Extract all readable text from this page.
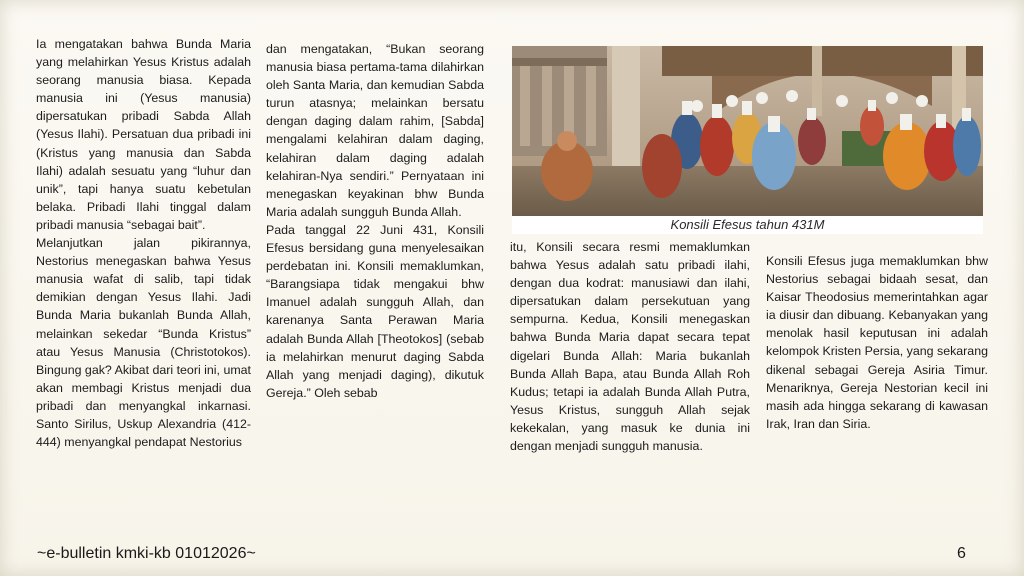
Ia mengatakan bahwa Bunda Maria yang melahirkan Yesus Kristus adalah seorang manusia biasa. Kepada manusia ini (Yesus manusia) dipersatukan pribadi Sabda Allah (Yesus Ilahi). Persatuan dua pribadi ini (Kristus yang manusia dan Sabda Ilahi) adalah sesuatu yang “luhur dan unik”, tapi hanya suatu kebetulan belaka. Pribadi Ilahi tinggal dalam pribadi manusia “sebagai bait”.

Melanjutkan jalan pikirannya, Nestorius menegaskan bahwa Yesus manusia wafat di salib, tapi tidak demikian dengan Yesus Ilahi. Jadi Bunda Maria bukanlah Bunda Allah, melainkan sekedar “Bunda Kristus” atau Yesus Manusia (Christotokos). Bingung gak? Akibat dari teori ini, umat akan membagi Kristus menjadi dua pribadi dan menyangkal inkarnasi. Santo Sirilus, Uskup Alexandria (412-444) menyangkal pendapat Nestorius

dan mengatakan, “Bukan seorang manusia biasa pertama-tama dilahirkan oleh Santa Maria, dan kemudian Sabda turun atasnya; melainkan bersatu dengan daging dalam rahim, [Sabda] mengalami kelahiran dalam daging, kelahiran dalam daging adalah kelahiran-Nya sendiri.” Pernyataan ini menegaskan keyakinan bhw Bunda Maria adalah sungguh Bunda Allah.

Pada tanggal 22 Juni 431, Konsili Efesus bersidang guna menyelesaikan perdebatan ini. Konsili memaklumkan, “Barangsiapa tidak mengakui bhw Imanuel adalah sungguh Allah, dan karenanya Santa Perawan Maria adalah Bunda Allah [Theotokos] (sebab ia melahirkan menurut daging Sabda Allah yang menjadi daging), dikutuk Gereja.” Oleh sebab

Konsili Efesus tahun 431M

itu, Konsili secara resmi memaklumkan bahwa Yesus adalah satu pribadi ilahi, dengan dua kodrat: manusiawi dan ilahi, dipersatukan dalam persekutuan yang sempurna. Kedua, Konsili menegaskan bahwa Bunda Maria dapat secara tepat digelari Bunda Allah: Maria bukanlah Bunda Allah Bapa, atau Bunda Allah Roh Kudus; tetapi ia adalah Bunda Allah Putra, Yesus Kristus, sungguh Allah sejak kekekalan, yang masuk ke dunia ini dengan menjadi sungguh manusia.

Konsili Efesus juga memaklumkan bhw Nestorius sebagai bidaah sesat, dan Kaisar Theodosius memerintahkan agar ia diusir dan dibuang. Kebanyakan yang menolak hasil keputusan ini adalah kelompok Kristen Persia, yang sekarang dikenal sebagai Gereja Asiria Timur. Menariknya, Gereja Nestorian kecil ini masih ada hingga sekarang di kawasan Irak, Iran dan Siria.

~e-bulletin kmki-kb 01012026~	6
